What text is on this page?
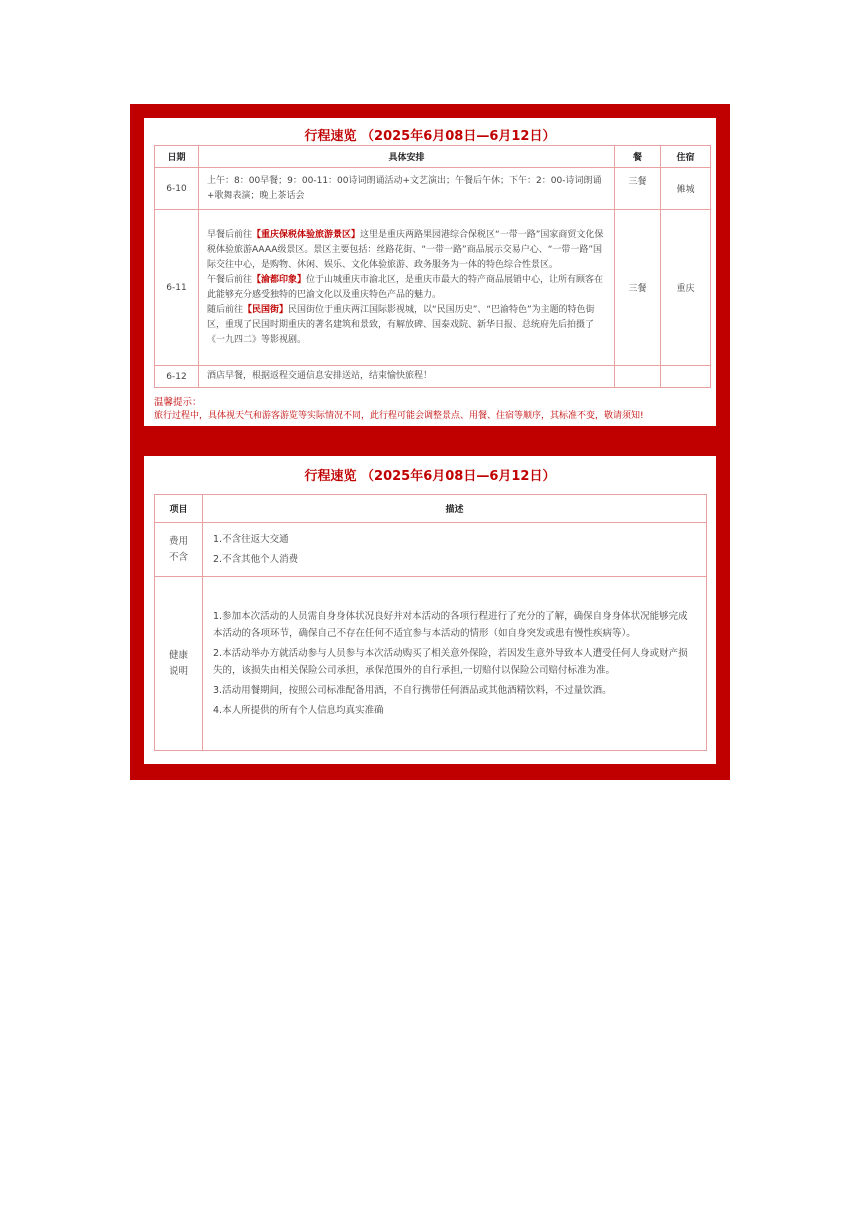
行程速览 （2025年6月08日—6月12日）
日期	具体安排	餐	住宿
6-10	上午：8：00早餐；9：00-11：00诗词朗诵活动+文艺演出；午餐后午休；下午：2：00-诗词朗诵+歌舞表演；晚上茶话会	三餐	傩城
6-11	早餐后前往【重庆保税体验旅游景区】这里是重庆两路果园港综合保税区“一带一路”国家商贸文化保税体验旅游AAAA级景区。景区主要包括：丝路花街、“一带一路”商品展示交易户心、“一带一路”国际交往中心，是购物、休闲、娱乐、文化体验旅游、政务服务为一体的特色综合性景区。
午餐后前往【渝都印象】位于山城重庆市渝北区，是重庆市最大的特产商品展销中心，让所有顾客在此能够充分感受独特的巴渝文化以及重庆特色产品的魅力。
随后前往【民国街】民国街位于重庆两江国际影视城，以“民国历史”、“巴渝特色”为主题的特色街区，重现了民国时期重庆的著名建筑和景致，有解放碑、国泰戏院、新华日报、总统府先后拍摄了《一九四二》等影视剧。	三餐	重庆
6-12	酒店早餐，根据返程交通信息安排送站，结束愉快旅程！		
温馨提示：
旅行过程中，具体视天气和游客游览等实际情况不同，此行程可能会调整景点、用餐、住宿等顺序，其标准不变，敬请须知!
行程速览 （2025年6月08日—6月12日）
项目	描述
费用不含	1.不含往返大交通

2.不含其他个人消费

健康说明	1.参加本次活动的人员需自身身体状况良好并对本活动的各项行程进行了充分的了解，确保自身身体状况能够完成本活动的各项环节，确保自己不存在任何不适宜参与本活动的情形（如自身突发或患有慢性疾病等）。

2.本活动举办方就活动参与人员参与本次活动购买了相关意外保险，若因发生意外导致本人遭受任何人身或财产损失的，该损失由相关保险公司承担，承保范围外的自行承担,一切赔付以保险公司赔付标准为准。

3.活动用餐期间，按照公司标准配备用酒，不自行携带任何酒品或其他酒精饮料，不过量饮酒。

4.本人所提供的所有个人信息均真实准确
